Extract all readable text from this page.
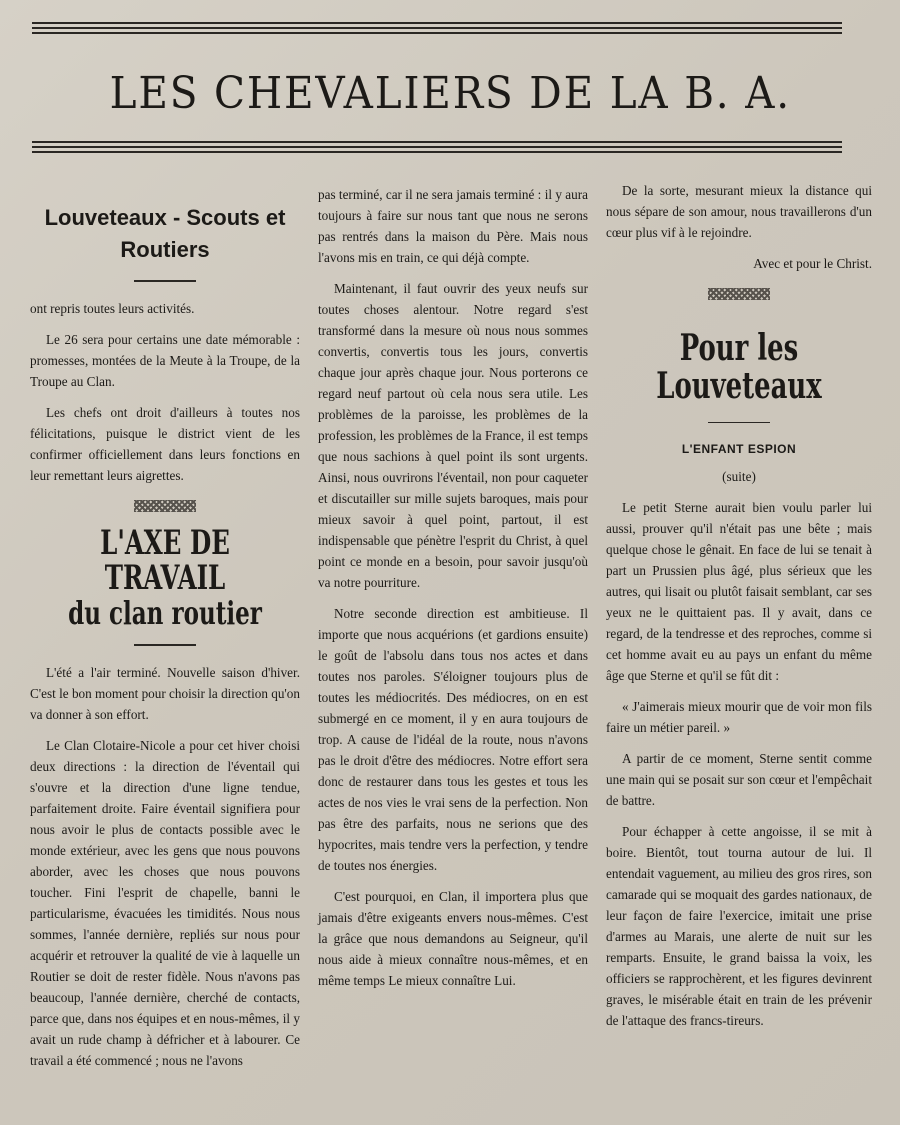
LES CHEVALIERS DE LA B. A.
Louveteaux - Scouts et Routiers

ont repris toutes leurs activités.

Le 26 sera pour certains une date mémorable : promesses, montées de la Meute à la Troupe, de la Troupe au Clan.

Les chefs ont droit d'ailleurs à toutes nos félicitations, puisque le district vient de les confirmer officiellement dans leurs fonctions en leur remettant leurs aigrettes.

L'AXE DE TRAVAIL
du clan routier

L'été a l'air terminé. Nouvelle saison d'hiver. C'est le bon moment pour choisir la direction qu'on va donner à son effort.

Le Clan Clotaire-Nicole a pour cet hiver choisi deux directions : la direction de l'éventail qui s'ouvre et la direction d'une ligne tendue, parfaitement droite. Faire éventail signifiera pour nous avoir le plus de contacts possible avec le monde extérieur, avec les gens que nous pouvons aborder, avec les choses que nous pouvons toucher. Fini l'esprit de chapelle, banni le particularisme, évacuées les timidités. Nous nous sommes, l'année dernière, repliés sur nous pour acquérir et retrouver la qualité de vie à laquelle un Routier se doit de rester fidèle. Nous n'avons pas beaucoup, l'année dernière, cherché de contacts, parce que, dans nos équipes et en nous-mêmes, il y avait un rude champ à défricher et à labourer. Ce travail a été commencé ; nous ne l'avons

pas terminé, car il ne sera jamais terminé : il y aura toujours à faire sur nous tant que nous ne serons pas rentrés dans la maison du Père. Mais nous l'avons mis en train, ce qui déjà compte.

Maintenant, il faut ouvrir des yeux neufs sur toutes choses alentour. Notre regard s'est transformé dans la mesure où nous nous sommes convertis, convertis tous les jours, convertis chaque jour après chaque jour. Nous porterons ce regard neuf partout où cela nous sera utile. Les problèmes de la paroisse, les problèmes de la profession, les problèmes de la France, il est temps que nous sachions à quel point ils sont urgents. Ainsi, nous ouvrirons l'éventail, non pour caqueter et discutailler sur mille sujets baroques, mais pour mieux savoir à quel point, partout, il est indispensable que pénètre l'esprit du Christ, à quel point ce monde en a besoin, pour savoir jusqu'où va notre pourriture.

Notre seconde direction est ambitieuse. Il importe que nous acquérions (et gardions ensuite) le goût de l'absolu dans tous nos actes et dans toutes nos paroles. S'éloigner toujours plus de toutes les médiocrités. Des médiocres, on en est submergé en ce moment, il y en aura toujours de trop. A cause de l'idéal de la route, nous n'avons pas le droit d'être des médiocres. Notre effort sera donc de restaurer dans tous les gestes et tous les actes de nos vies le vrai sens de la perfection. Non pas être des parfaits, nous ne serions que des hypocrites, mais tendre vers la perfection, y tendre de toutes nos énergies.

C'est pourquoi, en Clan, il importera plus que jamais d'être exigeants envers nous-mêmes. C'est la grâce que nous demandons au Seigneur, qu'il nous aide à mieux connaître nous-mêmes, et en même temps Le mieux connaître Lui.

De la sorte, mesurant mieux la distance qui nous sépare de son amour, nous travaillerons d'un cœur plus vif à le rejoindre.

Avec et pour le Christ.

Pour les Louveteaux
L'ENFANT ESPION

(suite)

Le petit Sterne aurait bien voulu parler lui aussi, prouver qu'il n'était pas une bête ; mais quelque chose le gênait. En face de lui se tenait à part un Prussien plus âgé, plus sérieux que les autres, qui lisait ou plutôt faisait semblant, car ses yeux ne le quittaient pas. Il y avait, dans ce regard, de la tendresse et des reproches, comme si cet homme avait eu au pays un enfant du même âge que Sterne et qu'il se fût dit :

« J'aimerais mieux mourir que de voir mon fils faire un métier pareil. »

A partir de ce moment, Sterne sentit comme une main qui se posait sur son cœur et l'empêchait de battre.

Pour échapper à cette angoisse, il se mit à boire. Bientôt, tout tourna autour de lui. Il entendait vaguement, au milieu des gros rires, son camarade qui se moquait des gardes nationaux, de leur façon de faire l'exercice, imitait une prise d'armes au Marais, une alerte de nuit sur les remparts. Ensuite, le grand baissa la voix, les officiers se rapprochèrent, et les figures devinrent graves, le misérable était en train de les prévenir de l'attaque des francs-tireurs.
